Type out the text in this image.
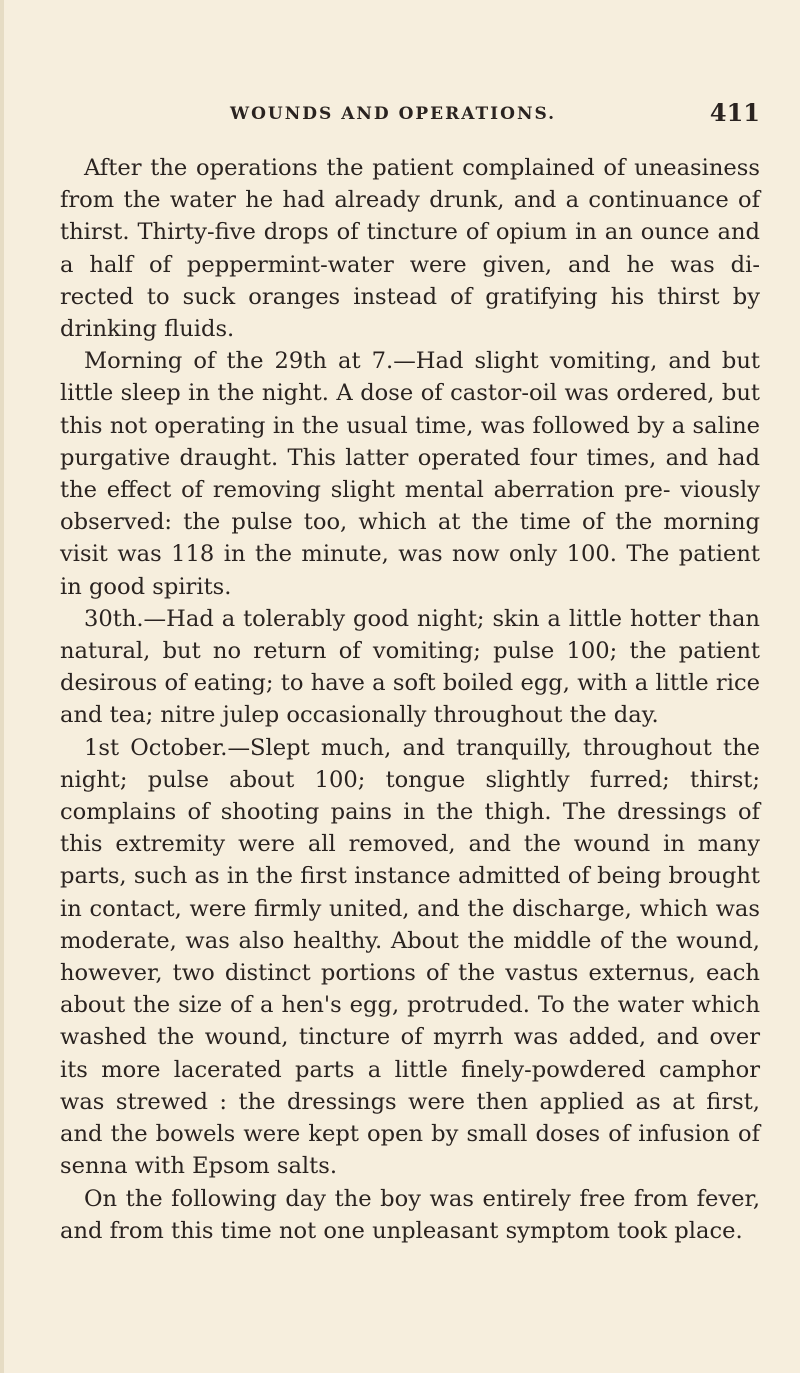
WOUNDS AND OPERATIONS.	411

After the operations the patient complained of uneasiness from the water he had already drunk, and a continuance of thirst. Thirty-five drops of tincture of opium in an ounce and a half of peppermint-water were given, and he was di- rected to suck oranges instead of gratifying his thirst by drinking fluids.

Morning of the 29th at 7.—Had slight vomiting, and but little sleep in the night. A dose of castor-oil was ordered, but this not operating in the usual time, was followed by a saline purgative draught. This latter operated four times, and had the effect of removing slight mental aberration pre- viously observed: the pulse too, which at the time of the morning visit was 118 in the minute, was now only 100. The patient in good spirits.

30th.—Had a tolerably good night; skin a little hotter than natural, but no return of vomiting; pulse 100; the patient desirous of eating; to have a soft boiled egg, with a little rice and tea; nitre julep occasionally throughout the day.

1st October.—Slept much, and tranquilly, throughout the night; pulse about 100; tongue slightly furred; thirst; complains of shooting pains in the thigh. The dressings of this extremity were all removed, and the wound in many parts, such as in the first instance admitted of being brought in contact, were firmly united, and the discharge, which was moderate, was also healthy. About the middle of the wound, however, two distinct portions of the vastus externus, each about the size of a hen's egg, protruded. To the water which washed the wound, tincture of myrrh was added, and over its more lacerated parts a little finely-powdered camphor was strewed : the dressings were then applied as at first, and the bowels were kept open by small doses of infusion of senna with Epsom salts.

On the following day the boy was entirely free from fever, and from this time not one unpleasant symptom took place.
